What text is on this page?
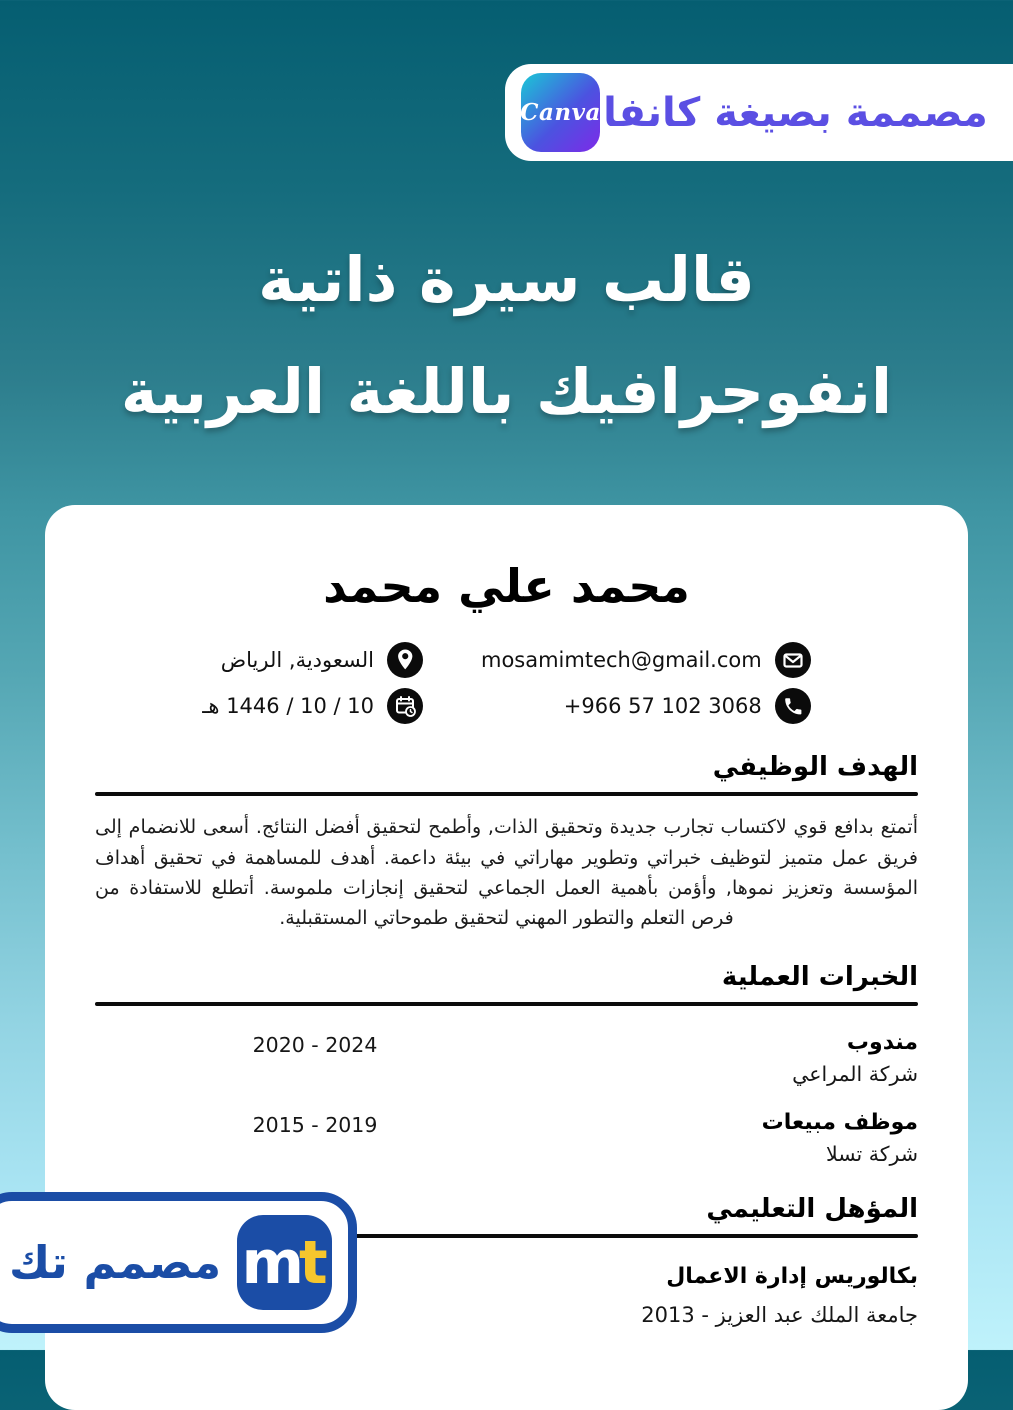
Canva مصممة بصيغة كانفا
قالب سيرة ذاتية
انفوجرافيك باللغة العربية
محمد علي محمد
mosamimtech@gmail.com
+966 57 102 3068
السعودية, الرياض
10 / 10 / 1446 هـ
الهدف الوظيفي

أتمتع بدافع قوي لاكتساب تجارب جديدة وتحقيق الذات, وأطمح لتحقيق أفضل النتائج. أسعى للانضمام إلى فريق عمل متميز لتوظيف خبراتي وتطوير مهاراتي في بيئة داعمة. أهدف للمساهمة في تحقيق أهداف المؤسسة وتعزيز نموها, وأؤمن بأهمية العمل الجماعي لتحقيق إنجازات ملموسة. أتطلع للاستفادة من فرص التعلم والتطور المهني لتحقيق طموحاتي المستقبلية.

الخبرات العملية
مندوب
شركة المراعي
2020 - 2024
موظف مبيعات
شركة تسلا
2015 - 2019
المؤهل التعليمي
بكالوريس إدارة الاعمال
جامعة الملك عبد العزيز - 2013
m
t
مصمم تك
